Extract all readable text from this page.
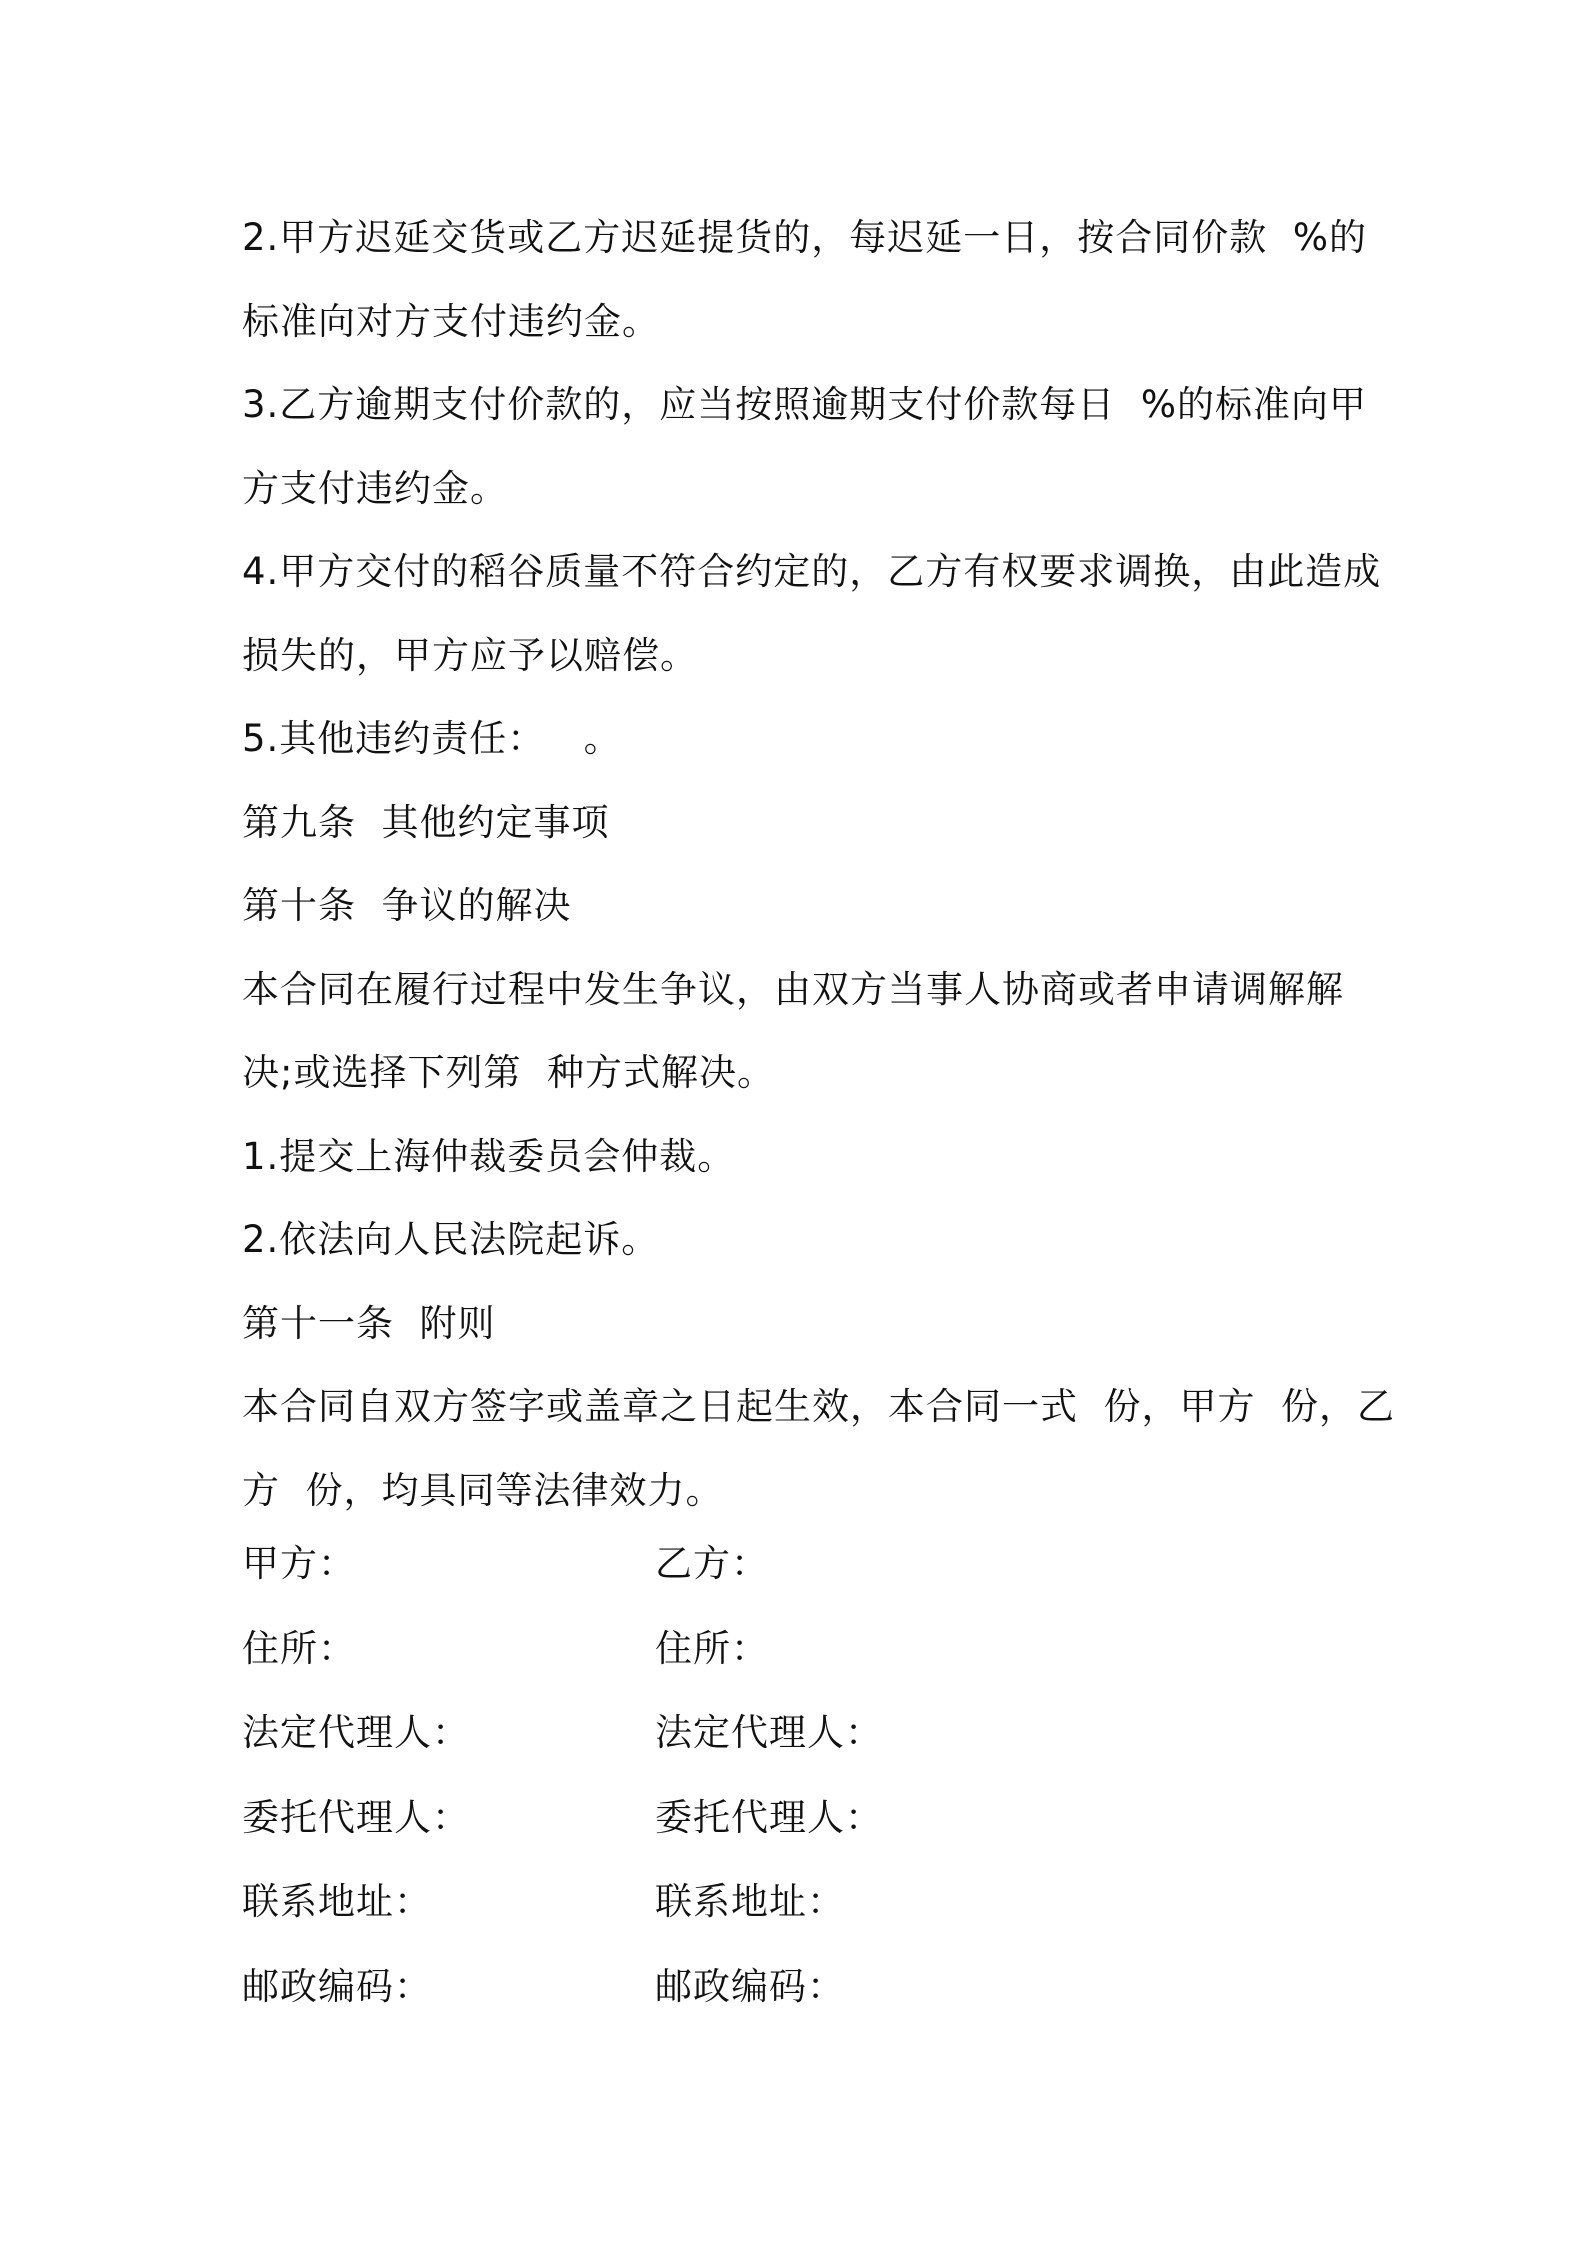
2.甲方迟延交货或乙方迟延提货的，每迟延一日，按合同价款  %的
标准向对方支付违约金。
3.乙方逾期支付价款的，应当按照逾期支付价款每日  %的标准向甲
方支付违约金。
4.甲方交付的稻谷质量不符合约定的，乙方有权要求调换，由此造成
损失的，甲方应予以赔偿。
5.其他违约责任：   。
第九条  其他约定事项
第十条  争议的解决
本合同在履行过程中发生争议，由双方当事人协商或者申请调解解
决;或选择下列第  种方式解决。
1.提交上海仲裁委员会仲裁。
2.依法向人民法院起诉。
第十一条  附则
本合同自双方签字或盖章之日起生效，本合同一式  份，甲方  份，乙
方  份，均具同等法律效力。
甲方：	乙方：
住所：	住所：
法定代理人：	法定代理人：
委托代理人：	委托代理人：
联系地址：	联系地址：
邮政编码：	邮政编码：
